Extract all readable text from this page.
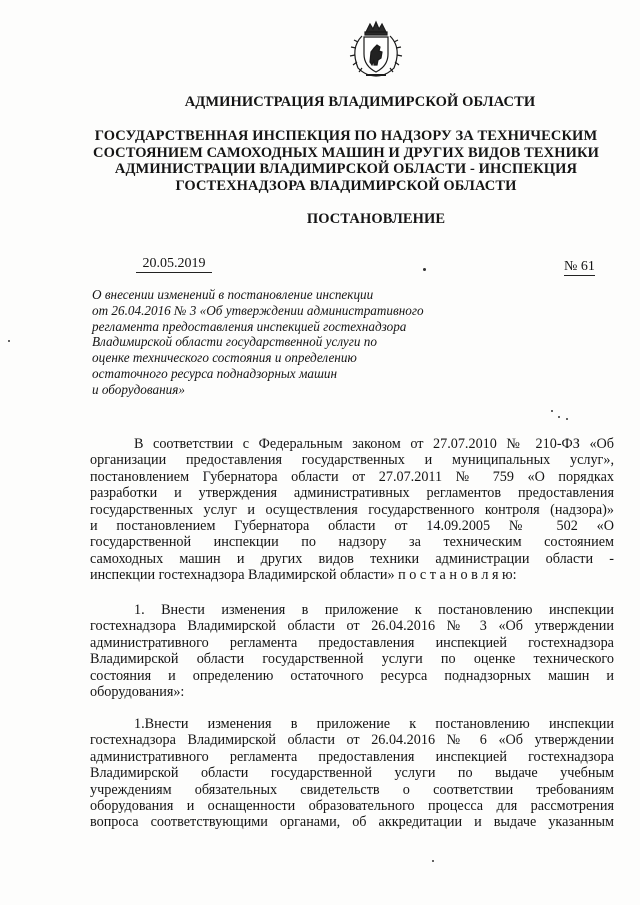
АДМИНИСТРАЦИЯ ВЛАДИМИРСКОЙ ОБЛАСТИ
ГОСУДАРСТВЕННАЯ ИНСПЕКЦИЯ ПО НАДЗОРУ ЗА ТЕХНИЧЕСКИМ
СОСТОЯНИЕМ САМОХОДНЫХ МАШИН И ДРУГИХ ВИДОВ ТЕХНИКИ
АДМИНИСТРАЦИИ ВЛАДИМИРСКОЙ ОБЛАСТИ - ИНСПЕКЦИЯ
ГОСТЕХНАДЗОРА ВЛАДИМИРСКОЙ ОБЛАСТИ
ПОСТАНОВЛЕНИЕ
20.05.2019	№ 61
О внесении изменений в постановление инспекции
от 26.04.2016 № 3 «Об утверждении административного
регламента предоставления инспекцией гостехнадзора
Владимирской области государственной услуги по
оценке технического состояния и определению
остаточного ресурса поднадзорных машин
и оборудования»
В соответствии с Федеральным законом от 27.07.2010 № 210-ФЗ «Об
организации предоставления государственных и муниципальных услуг»,
постановлением Губернатора области от 27.07.2011 № 759 «О порядках
разработки и утверждения административных регламентов предоставления
государственных услуг и осуществления государственного контроля (надзора)»
и постановлением Губернатора области от 14.09.2005 № 502 «О
государственной инспекции по надзору за техническим состоянием
самоходных машин и других видов техники администрации области -
инспекции гостехнадзора Владимирской области» п о с т а н о в л я ю:
1. Внести изменения в приложение к постановлению инспекции
гостехнадзора Владимирской области от 26.04.2016 № 3 «Об утверждении
административного регламента предоставления инспекцией гостехнадзора
Владимирской области государственной услуги по оценке технического
состояния и определению остаточного ресурса поднадзорных машин и
оборудования»:
1.Внести изменения в приложение к постановлению инспекции
гостехнадзора Владимирской области от 26.04.2016 № 6 «Об утверждении
административного регламента предоставления инспекцией гостехнадзора
Владимирской области государственной услуги по выдаче учебным
учреждениям обязательных свидетельств о соответствии требованиям
оборудования и оснащенности образовательного процесса для рассмотрения
вопроса соответствующими органами, об аккредитации и выдаче указанным
